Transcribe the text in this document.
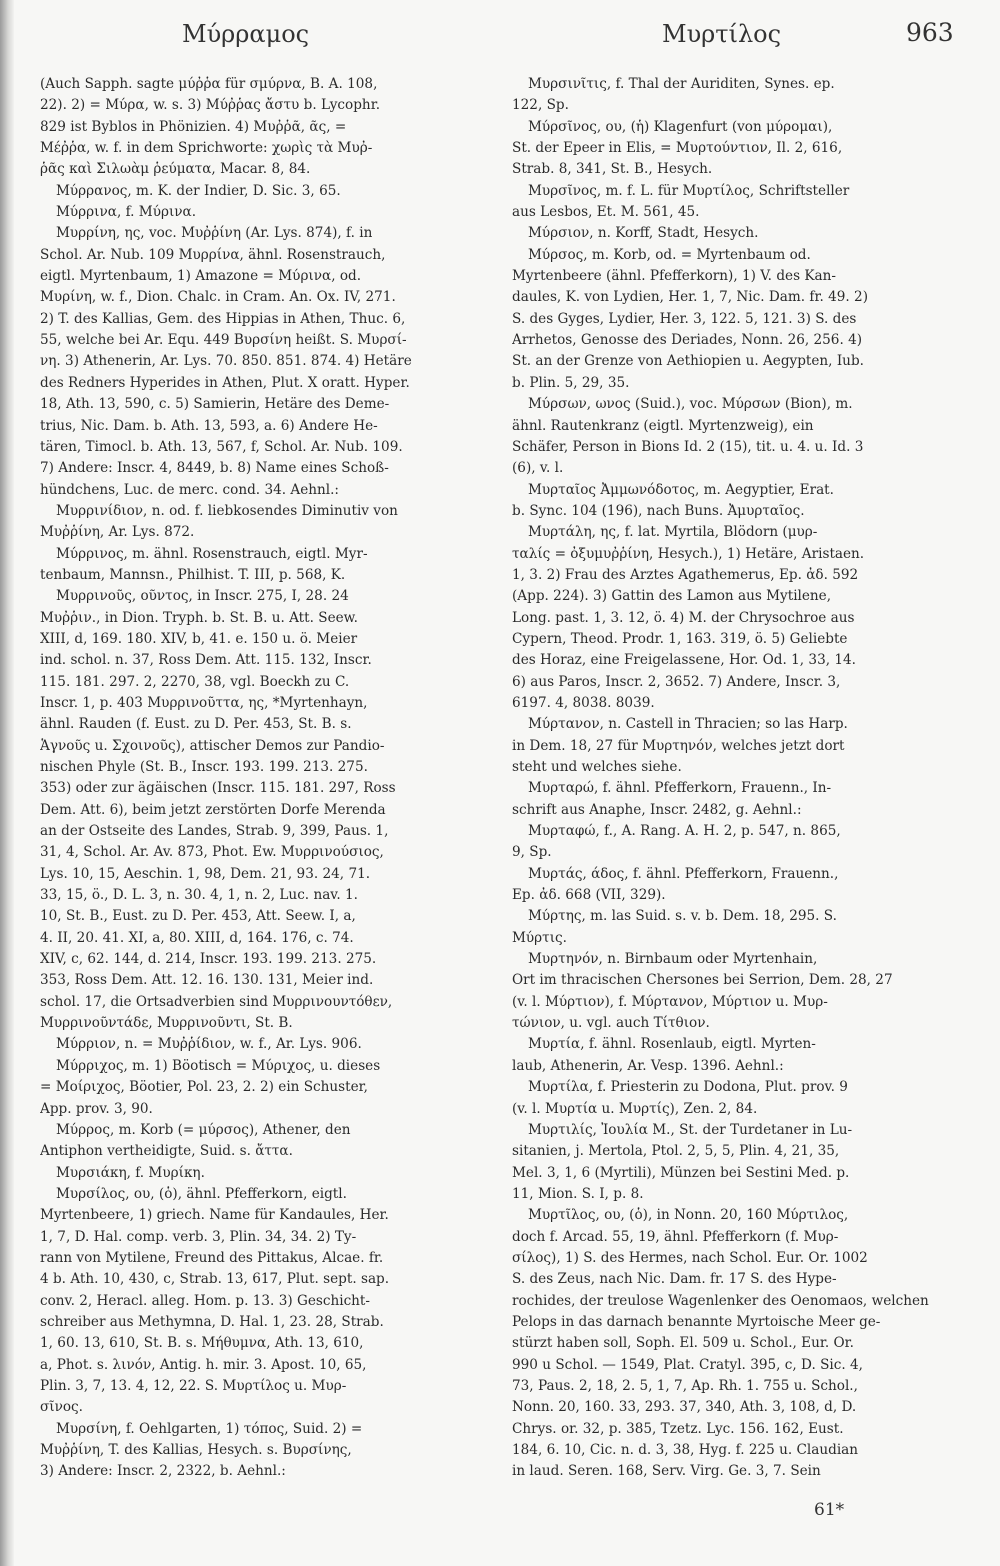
Μύρραμος	Μυρτίλος	963
(Auch Sapph. sagte μύῤῥα für σμύρνα, B. A. 108,
22). 2) = Μύρα, w. s. 3) Μύῤῥας ἄστυ b. Lycophr.
829 ist Byblos in Phönizien. 4) Μυῤῥᾶ, ᾶς, =
Μέῤῥα, w. f. in dem Sprichworte: χωρὶς τὰ Μυῤ-
ῥᾶς καὶ Σιλωὰμ ῥεύματα, Macar. 8, 84.
Μύρρανος, m. K. der Indier, D. Sic. 3, 65.
Μύρρινα, f. Μύρινα.
Μυρρίνη, ης, voc. Μυῤῥίνη (Ar. Lys. 874), f. in
Schol. Ar. Nub. 109 Μυρρίνα, ähnl. Rosenstrauch,
eigtl. Myrtenbaum, 1) Amazone = Μύρινα, od.
Μυρίνη, w. f., Dion. Chalc. in Cram. An. Ox. IV, 271.
2) T. des Kallias, Gem. des Hippias in Athen, Thuc. 6,
55, welche bei Ar. Equ. 449 Βυρσίνη heißt. S. Μυρσί-
νη. 3) Athenerin, Ar. Lys. 70. 850. 851. 874. 4) Hetäre
des Redners Hyperides in Athen, Plut. X oratt. Hyper.
18, Ath. 13, 590, c. 5) Samierin, Hetäre des Deme-
trius, Nic. Dam. b. Ath. 13, 593, a. 6) Andere He-
tären, Timocl. b. Ath. 13, 567, f, Schol. Ar. Nub. 109.
7) Andere: Inscr. 4, 8449, b. 8) Name eines Schoß-
hündchens, Luc. de merc. cond. 34. Aehnl.:
Μυρρινίδιον, n. od. f. liebkosendes Diminutiv von
Μυῤῥίνη, Ar. Lys. 872.
Μύρρινος, m. ähnl. Rosenstrauch, eigtl. Myr-
tenbaum, Mannsn., Philhist. T. III, p. 568, K.
Μυρρινοῦς, οῦντος, in Inscr. 275, I, 28. 24
Μυῤῥιν., in Dion. Tryph. b. St. B. u. Att. Seew.
XIII, d, 169. 180. XIV, b, 41. e. 150 u. ö. Meier
ind. schol. n. 37, Ross Dem. Att. 115. 132, Inscr.
115. 181. 297. 2, 2270, 38, vgl. Boeckh zu C.
Inscr. 1, p. 403 Μυρρινοῦττα, ης, *Myrtenhayn,
ähnl. Rauden (f. Eust. zu D. Per. 453, St. B. s.
Ἁγνοῦς u. Σχοινοῦς), attischer Demos zur Pandio-
nischen Phyle (St. B., Inscr. 193. 199. 213. 275.
353) oder zur ägäischen (Inscr. 115. 181. 297, Ross
Dem. Att. 6), beim jetzt zerstörten Dorfe Merenda
an der Ostseite des Landes, Strab. 9, 399, Paus. 1,
31, 4, Schol. Ar. Av. 873, Phot. Ew. Μυρρινούσιος,
Lys. 10, 15, Aeschin. 1, 98, Dem. 21, 93. 24, 71.
33, 15, ö., D. L. 3, n. 30. 4, 1, n. 2, Luc. nav. 1.
10, St. B., Eust. zu D. Per. 453, Att. Seew. I, a,
4. II, 20. 41. XI, a, 80. XIII, d, 164. 176, c. 74.
XIV, c, 62. 144, d. 214, Inscr. 193. 199. 213. 275.
353, Ross Dem. Att. 12. 16. 130. 131, Meier ind.
schol. 17, die Ortsadverbien sind Μυρρινουντόθεν,
Μυρρινοῦντάδε, Μυρρινοῦντι, St. B.
Μύρριον, n. = Μυῤῥίδιον, w. f., Ar. Lys. 906.
Μύρριχος, m. 1) Böotisch = Μύριχος, u. dieses
= Μοίριχος, Böotier, Pol. 23, 2. 2) ein Schuster,
App. prov. 3, 90.
Μύρρος, m. Korb (= μύρσος), Athener, den
Antiphon vertheidigte, Suid. s. ἄττα.
Μυρσιάκη, f. Μυρίκη.
Μυρσίλος, ου, (ὁ), ähnl. Pfefferkorn, eigtl.
Myrtenbeere, 1) griech. Name für Kandaules, Her.
1, 7, D. Hal. comp. verb. 3, Plin. 34, 34. 2) Ty-
rann von Mytilene, Freund des Pittakus, Alcae. fr.
4 b. Ath. 10, 430, c, Strab. 13, 617, Plut. sept. sap.
conv. 2, Heracl. alleg. Hom. p. 13. 3) Geschicht-
schreiber aus Methymna, D. Hal. 1, 23. 28, Strab.
1, 60. 13, 610, St. B. s. Μήθυμνα, Ath. 13, 610,
a, Phot. s. λινόν, Antig. h. mir. 3. Apost. 10, 65,
Plin. 3, 7, 13. 4, 12, 22. S. Μυρτίλος u. Μυρ-
σῖνος.
Μυρσίνη, f. Oehlgarten, 1) τόπος, Suid. 2) =
Μυῤῥίνη, T. des Kallias, Hesych. s. Βυρσίνης,
3) Andere: Inscr. 2, 2322, b. Aehnl.:
Μυρσινῖτις, f. Thal der Auriditen, Synes. ep.
122, Sp.
Μύρσῖνος, ου, (ἡ) Klagenfurt (von μύρομαι),
St. der Epeer in Elis, = Μυρτούντιον, Il. 2, 616,
Strab. 8, 341, St. B., Hesych.
Μυρσῖνος, m. f. L. für Μυρτίλος, Schriftsteller
aus Lesbos, Et. M. 561, 45.
Μύρσιον, n. Korff, Stadt, Hesych.
Μύρσος, m. Korb, od. = Myrtenbaum od.
Myrtenbeere (ähnl. Pfefferkorn), 1) V. des Kan-
daules, K. von Lydien, Her. 1, 7, Nic. Dam. fr. 49. 2)
S. des Gyges, Lydier, Her. 3, 122. 5, 121. 3) S. des
Arrhetos, Genosse des Deriades, Nonn. 26, 256. 4)
St. an der Grenze von Aethiopien u. Aegypten, Iub.
b. Plin. 5, 29, 35.
Μύρσων, ωνος (Suid.), voc. Μύρσων (Bion), m.
ähnl. Rautenkranz (eigtl. Myrtenzweig), ein
Schäfer, Person in Bions Id. 2 (15), tit. u. 4. u. Id. 3
(6), v. l.
Μυρταῖος Ἀμμωνόδοτος, m. Aegyptier, Erat.
b. Sync. 104 (196), nach Buns. Ἀμυρταῖος.
Μυρτάλη, ης, f. lat. Myrtila, Blödorn (μυρ-
ταλίς = ὀξυμυῤῥίνη, Hesych.), 1) Hetäre, Aristaen.
1, 3. 2) Frau des Arztes Agathemerus, Ep. ἀδ. 592
(App. 224). 3) Gattin des Lamon aus Mytilene,
Long. past. 1, 3. 12, ö. 4) M. der Chrysochroe aus
Cypern, Theod. Prodr. 1, 163. 319, ö. 5) Geliebte
des Horaz, eine Freigelassene, Hor. Od. 1, 33, 14.
6) aus Paros, Inscr. 2, 3652. 7) Andere, Inscr. 3,
6197. 4, 8038. 8039.
Μύρτανον, n. Castell in Thracien; so las Harp.
in Dem. 18, 27 für Μυρτηνόν, welches jetzt dort
steht und welches siehe.
Μυρταρώ, f. ähnl. Pfefferkorn, Frauenn., In-
schrift aus Anaphe, Inscr. 2482, g. Aehnl.:
Μυρταφώ, f., A. Rang. A. H. 2, p. 547, n. 865,
9, Sp.
Μυρτάς, άδος, f. ähnl. Pfefferkorn, Frauenn.,
Ep. ἀδ. 668 (VII, 329).
Μύρτης, m. las Suid. s. v. b. Dem. 18, 295. S.
Μύρτις.
Μυρτηνόν, n. Birnbaum oder Myrtenhain,
Ort im thracischen Chersones bei Serrion, Dem. 28, 27
(v. l. Μύρτιον), f. Μύρτανον, Μύρτιον u. Μυρ-
τώνιον, u. vgl. auch Τίτθιον.
Μυρτία, f. ähnl. Rosenlaub, eigtl. Myrten-
laub, Athenerin, Ar. Vesp. 1396. Aehnl.:
Μυρτίλα, f. Priesterin zu Dodona, Plut. prov. 9
(v. l. Μυρτία u. Μυρτίς), Zen. 2, 84.
Μυρτιλίς, Ἰουλία Μ., St. der Turdetaner in Lu-
sitanien, j. Mertola, Ptol. 2, 5, 5, Plin. 4, 21, 35,
Mel. 3, 1, 6 (Myrtili), Münzen bei Sestini Med. p.
11, Mion. S. I, p. 8.
Μυρτῖλος, ου, (ὁ), in Nonn. 20, 160 Μύρτιλος,
doch f. Arcad. 55, 19, ähnl. Pfefferkorn (f. Μυρ-
σίλος), 1) S. des Hermes, nach Schol. Eur. Or. 1002
S. des Zeus, nach Nic. Dam. fr. 17 S. des Hype-
rochides, der treulose Wagenlenker des Oenomaos, welchen
Pelops in das darnach benannte Myrtoische Meer ge-
stürzt haben soll, Soph. El. 509 u. Schol., Eur. Or.
990 u Schol. — 1549, Plat. Cratyl. 395, c, D. Sic. 4,
73, Paus. 2, 18, 2. 5, 1, 7, Ap. Rh. 1. 755 u. Schol.,
Nonn. 20, 160. 33, 293. 37, 340, Ath. 3, 108, d, D.
Chrys. or. 32, p. 385, Tzetz. Lyc. 156. 162, Eust.
184, 6. 10, Cic. n. d. 3, 38, Hyg. f. 225 u. Claudian
in laud. Seren. 168, Serv. Virg. Ge. 3, 7. Sein
61*
